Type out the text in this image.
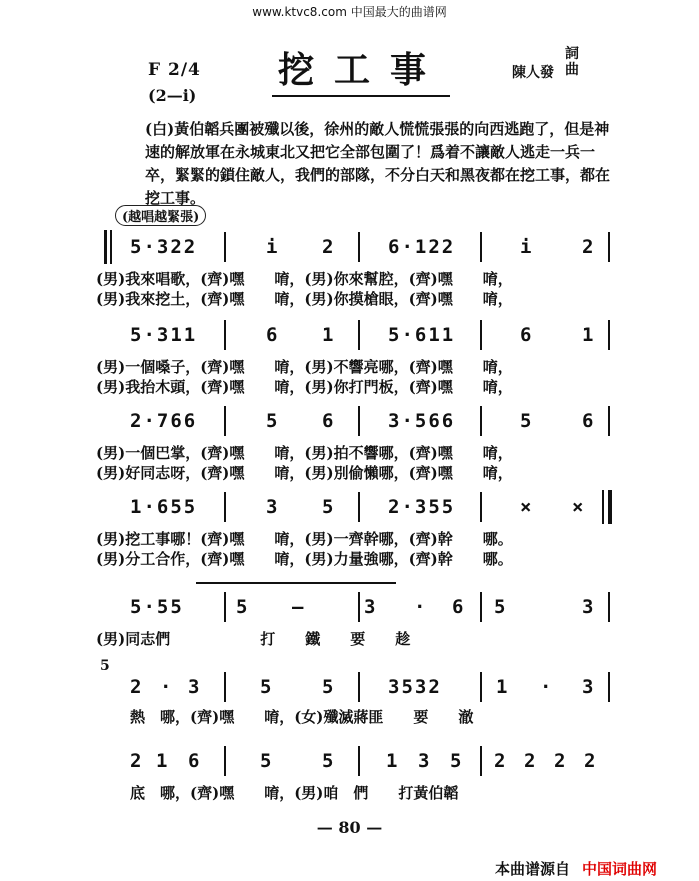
www.ktvc8.com 中国最大的曲谱网
F 2/4
(2—i)
挖工事	陳人發
詞曲
(白)黃伯韜兵團被殲以後，徐州的敵人慌慌張張的向西逃跑了，但是神速的解放軍在永城東北又把它全部包圍了！爲着不讓敵人逃走一兵一卒，緊緊的鎖住敵人，我們的部隊，不分白天和黑夜都在挖工事，都在挖工事。
(越唱越緊張)
5·322	i 2	6·122	i	2
(男)我來唱歌，(齊)嘿　　唷，(男)你來幫腔，(齊)嘿　　唷，
(男)我來挖土，(齊)嘿　　唷，(男)你摸槍眼，(齊)嘿　　唷，
5·311	6 1	5·611	6	1
(男)一個嗓子，(齊)嘿　　唷，(男)不響亮哪，(齊)嘿　　唷，
(男)我抬木頭，(齊)嘿　　唷，(男)你打門板，(齊)嘿　　唷，
2·766	5 6	3·566	5	6
(男)一個巴掌，(齊)嘿　　唷，(男)拍不響哪，(齊)嘿　　唷，
(男)好同志呀，(齊)嘿　　唷，(男)別偷懶哪，(齊)嘿　　唷，
1·655	3 5	2·355	× ×
(男)挖工事哪！(齊)嘿　　唷，(男)一齊幹哪，(齊)幹　　哪。
(男)分工合作，(齊)嘿　　唷，(男)力量強哪，(齊)幹　　哪。
5·55	5 —	3 · 6 5	3
(男)同志們　　　　　　打　　鐵　　要　　趁
5
2 · 3	5	5	3532	1 · 3
熱　哪，(齊)嘿　　唷，(女)殲滅蔣匪　　要　　澈
2 1 6	5	5	1 3 5 2 2 2 2
底　哪，(齊)嘿　　唷，(男)咱　們　　打黃伯韜
— 80 —
本曲谱源自 中国词曲网
